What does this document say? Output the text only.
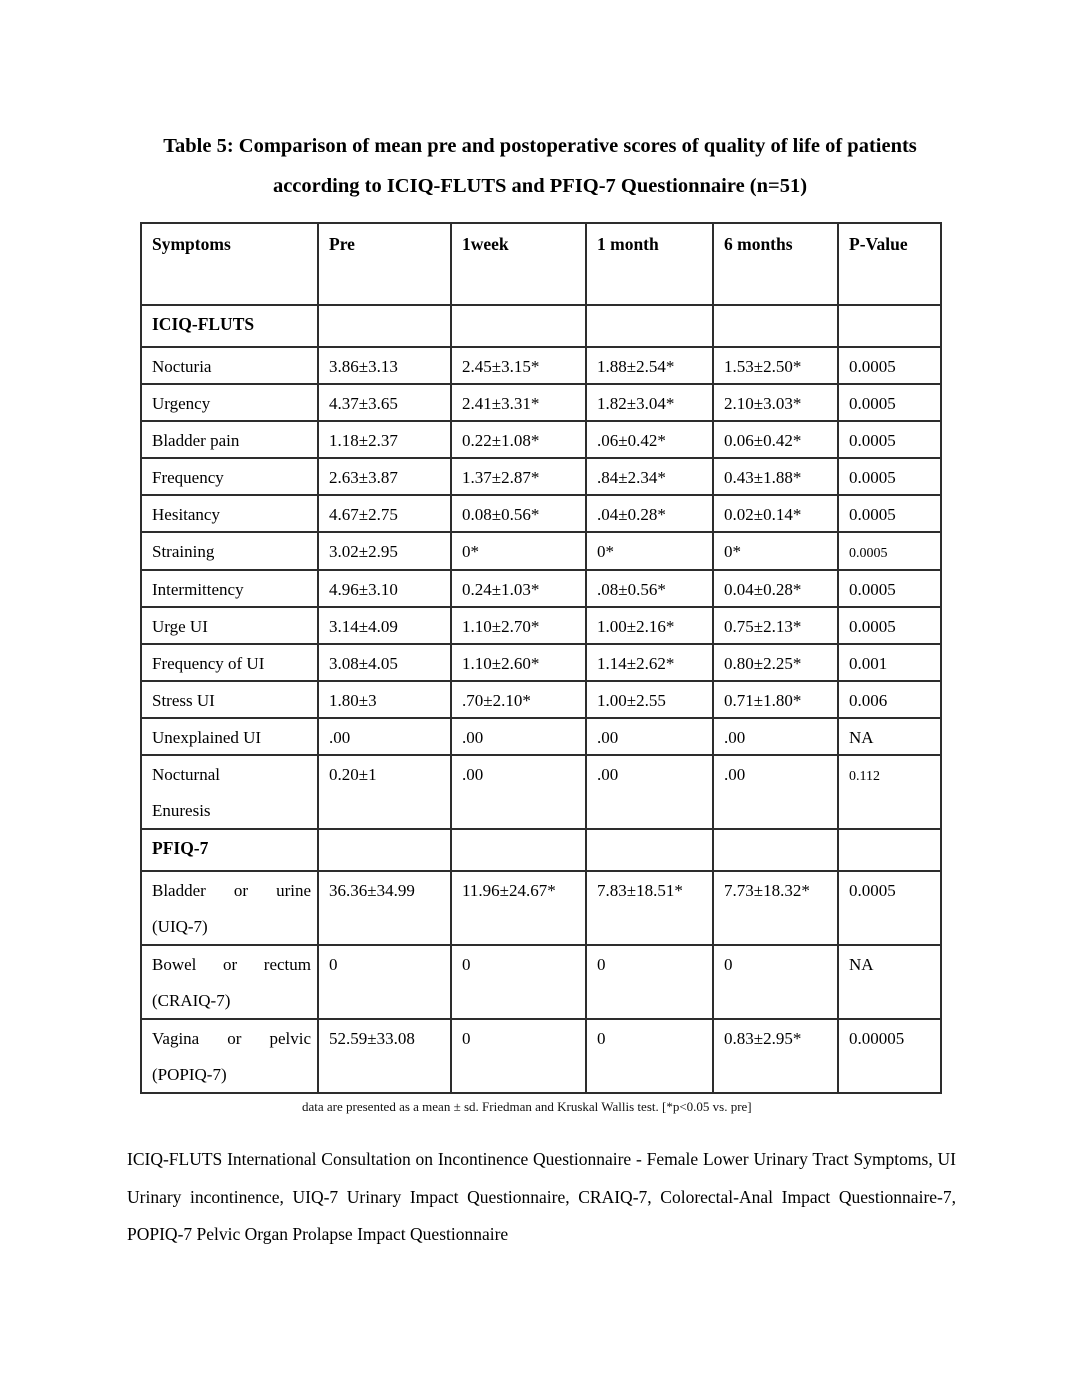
Table 5: Comparison of mean pre and postoperative scores of quality of life of patients
according to ICIQ-FLUTS and PFIQ-7 Questionnaire (n=51)
Symptoms	Pre	1week	1 month	6 months	P-Value
ICIQ-FLUTS					

Nocturia	3.86±3.13	2.45±3.15*	1.88±2.54*	1.53±2.50*	0.0005

Urgency	4.37±3.65	2.41±3.31*	1.82±3.04*	2.10±3.03*	0.0005

Bladder pain	1.18±2.37	0.22±1.08*	.06±0.42*	0.06±0.42*	0.0005

Frequency	2.63±3.87	1.37±2.87*	.84±2.34*	0.43±1.88*	0.0005

Hesitancy	4.67±2.75	0.08±0.56*	.04±0.28*	0.02±0.14*	0.0005

Straining	3.02±2.95	0*	0*	0*	0.0005

Intermittency	4.96±3.10	0.24±1.03*	.08±0.56*	0.04±0.28*	0.0005

Urge UI	3.14±4.09	1.10±2.70*	1.00±2.16*	0.75±2.13*	0.0005

Frequency of UI	3.08±4.05	1.10±2.60*	1.14±2.62*	0.80±2.25*	0.001

Stress UI	1.80±3	.70±2.10*	1.00±2.55	0.71±1.80*	0.006

Unexplained UI	.00	.00	.00	.00	NA

Nocturnal
Enuresis	0.20±1	.00	.00	.00	0.112
PFIQ-7					

Bladder or urine
(UIQ-7)	36.36±34.99	11.96±24.67*	7.83±18.51*	7.73±18.32*	0.0005

Bowel or rectum
(CRAIQ-7)	0	0	0	0	NA

Vagina or pelvic
(POPIQ-7)	52.59±33.08	0	0	0.83±2.95*	0.00005
data are presented as a mean ± sd. Friedman and Kruskal Wallis test. [*p<0.05 vs. pre]

ICIQ-FLUTS International Consultation on Incontinence Questionnaire - Female Lower Urinary Tract Symptoms, UI Urinary incontinence, UIQ-7 Urinary Impact Questionnaire, CRAIQ-7, Colorectal-Anal Impact Questionnaire-7, POPIQ-7 Pelvic Organ Prolapse Impact Questionnaire
